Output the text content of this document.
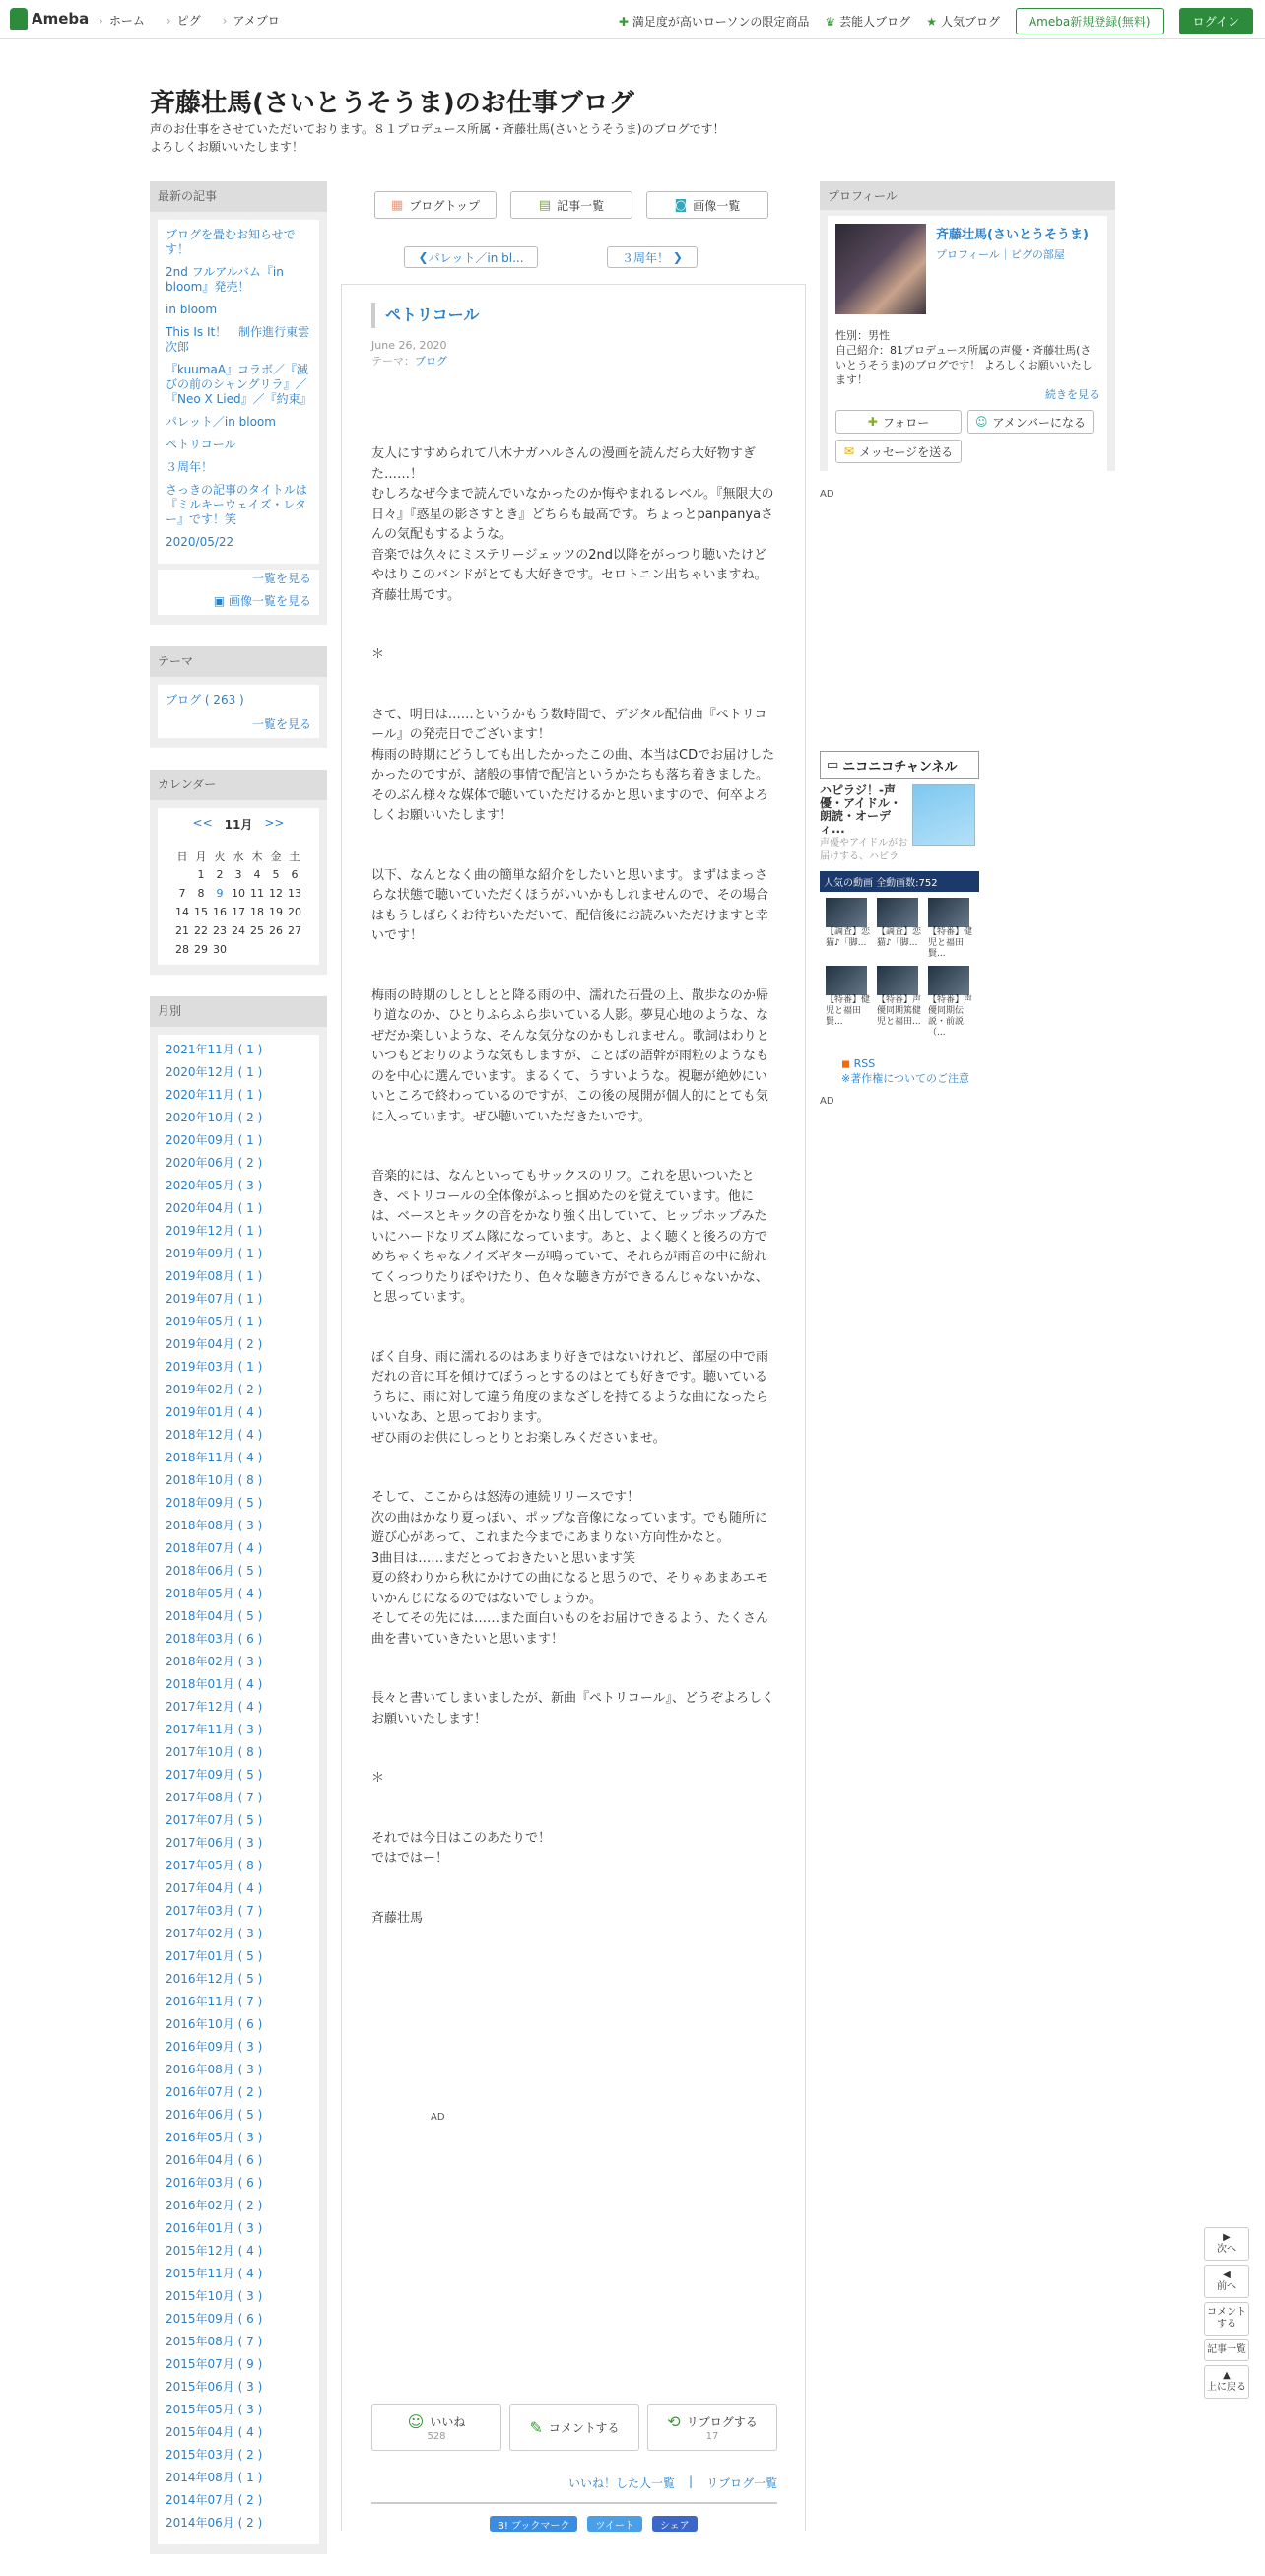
Ameba	› ホーム	› ピグ	› アメブロ	✚ 満足度が高いローソンの限定商品 ♛ 芸能人ブログ ★ 人気ブログ	Ameba新規登録(無料)	ログイン
斉藤壮馬(さいとうそうま)のお仕事ブログ
声のお仕事をさせていただいております。８１プロデュース所属・斉藤壮馬(さいとうそうま)のブログです！
よろしくお願いいたします！
最新の記事
ブログを畳むお知らせです！
2nd フルアルバム『in bloom』発売！
in bloom
This Is It！　制作進行東雲次郎
『kuumaA』コラボ／『滅びの前のシャングリラ』／『Neo X Lied』／『約束』
パレット／in bloom
ペトリコール
３周年！
さっきの記事のタイトルは『ミルキーウェイズ・レター』です！笑
2020/05/22
一覧を見る
▣ 画像一覧を見る
テーマ
ブログ ( 263 )
一覧を見る
カレンダー
<< 11月 >>
日	月	火	水	木	金	土
	1	2	3	4	5	6
7	8	9	10	11	12	13
14	15	16	17	18	19	20
21	22	23	24	25	26	27
28	29	30				
月別
2021年11月 ( 1 )
2020年12月 ( 1 )
2020年11月 ( 1 )
2020年10月 ( 2 )
2020年09月 ( 1 )
2020年06月 ( 2 )
2020年05月 ( 3 )
2020年04月 ( 1 )
2019年12月 ( 1 )
2019年09月 ( 1 )
2019年08月 ( 1 )
2019年07月 ( 1 )
2019年05月 ( 1 )
2019年04月 ( 2 )
2019年03月 ( 1 )
2019年02月 ( 2 )
2019年01月 ( 4 )
2018年12月 ( 4 )
2018年11月 ( 4 )
2018年10月 ( 8 )
2018年09月 ( 5 )
2018年08月 ( 3 )
2018年07月 ( 4 )
2018年06月 ( 5 )
2018年05月 ( 4 )
2018年04月 ( 5 )
2018年03月 ( 6 )
2018年02月 ( 3 )
2018年01月 ( 4 )
2017年12月 ( 4 )
2017年11月 ( 3 )
2017年10月 ( 8 )
2017年09月 ( 5 )
2017年08月 ( 7 )
2017年07月 ( 5 )
2017年06月 ( 3 )
2017年05月 ( 8 )
2017年04月 ( 4 )
2017年03月 ( 7 )
2017年02月 ( 3 )
2017年01月 ( 5 )
2016年12月 ( 5 )
2016年11月 ( 7 )
2016年10月 ( 6 )
2016年09月 ( 3 )
2016年08月 ( 3 )
2016年07月 ( 2 )
2016年06月 ( 5 )
2016年05月 ( 3 )
2016年04月 ( 6 )
2016年03月 ( 6 )
2016年02月 ( 2 )
2016年01月 ( 3 )
2015年12月 ( 4 )
2015年11月 ( 4 )
2015年10月 ( 3 )
2015年09月 ( 6 )
2015年08月 ( 7 )
2015年07月 ( 9 )
2015年06月 ( 3 )
2015年05月 ( 3 )
2015年04月 ( 4 )
2015年03月 ( 2 )
2014年08月 ( 1 )
2014年07月 ( 2 )
2014年06月 ( 2 )
▦ ブログトップ	▤ 記事一覧	◙ 画像一覧
❮ パレット／in bl...	３周年！ ❯
ペトリコール
June 26, 2020
テーマ：ブログ

友人にすすめられて八木ナガハルさんの漫画を読んだら大好物すぎた……！
むしろなぜ今まで読んでいなかったのか悔やまれるレベル。『無限大の日々』『惑星の影さすとき』どちらも最高です。ちょっとpanpanyaさんの気配もするような。
音楽では久々にミステリージェッツの2nd以降をがっつり聴いたけどやはりこのバンドがとても大好きです。セロトニン出ちゃいますね。斉藤壮馬です。

＊

さて、明日は……というかもう数時間で、デジタル配信曲『ペトリコール』の発売日でございます！
梅雨の時期にどうしても出したかったこの曲、本当はCDでお届けしたかったのですが、諸般の事情で配信というかたちも落ち着きました。
そのぶん様々な媒体で聴いていただけるかと思いますので、何卒よろしくお願いいたします！

以下、なんとなく曲の簡単な紹介をしたいと思います。まずはまっさらな状態で聴いていただくほうがいいかもしれませんので、その場合はもうしばらくお待ちいただいて、配信後にお読みいただけますと幸いです！

梅雨の時期のしとしとと降る雨の中、濡れた石畳の上、散歩なのか帰り道なのか、ひとりふらふら歩いている人影。夢見心地のような、なぜだか楽しいような、そんな気分なのかもしれません。歌詞はわりといつもどおりのような気もしますが、ことばの語幹が雨粒のようなものを中心に選んでいます。まるくて、うすいような。視聴が絶妙にいいところで終わっているのですが、この後の展開が個人的にとても気に入っています。ぜひ聴いていただきたいです。

音楽的には、なんといってもサックスのリフ。これを思いついたとき、ペトリコールの全体像がふっと掴めたのを覚えています。他には、ベースとキックの音をかなり強く出していて、ヒップホップみたいにハードなリズム隊になっています。あと、よく聴くと後ろの方でめちゃくちゃなノイズギターが鳴っていて、それらが雨音の中に紛れてくっつりたりぼやけたり、色々な聴き方ができるんじゃないかな、と思っています。

ぼく自身、雨に濡れるのはあまり好きではないけれど、部屋の中で雨だれの音に耳を傾けてぼうっとするのはとても好きです。聴いているうちに、雨に対して違う角度のまなざしを持てるような曲になったらいいなあ、と思っております。
ぜひ雨のお供にしっとりとお楽しみくださいませ。

そして、ここからは怒涛の連続リリースです！
次の曲はかなり夏っぽい、ポップな音像になっています。でも随所に遊び心があって、これまた今までにあまりない方向性かなと。
3曲目は……まだとっておきたいと思います笑
夏の終わりから秋にかけての曲になると思うので、そりゃあまあエモいかんじになるのではないでしょうか。
そしてその先には……また面白いものをお届けできるよう、たくさん曲を書いていきたいと思います！

長々と書いてしまいましたが、新曲『ペトリコール』、どうぞよろしくお願いいたします！

＊

それでは今日はこのあたりで！
ではではー！

斉藤壮馬

AD
☺ いいね
528	✎ コメントする	⟲ リブログする
17
いいね！した人一覧 | リブログ一覧
B! ブックマーク	ツイート	シェア
プロフィール
斉藤壮馬(さいとうそうま)
プロフィール｜ピグの部屋
性別：男性
自己紹介：81プロデュース所属の声優・斉藤壮馬(さいとうそうま)のブログです！ よろしくお願いいたします！
続きを見る
✚ フォロー	☺ アメンバーになる
✉ メッセージを送る
AD
▭ ニコニコチャンネル
ハピラジ！-声優・アイドル・朗読・オーディ...
声優やアイドルがお届けする、ハピラ
人気の動画 全動画数:752
【調査】恋猫♪「脚...
【調査】恋猫♪「脚...
【特番】健児と福田賢...
【特番】健児と福田賢...
【特番】声優同期篤健児と福田...
【特番】声優同期伝説・前説（...
◼ RSS
※著作権についてのご注意
AD
▶
次へ
◀
前へ
コメントする
記事一覧
▲
上に戻る
